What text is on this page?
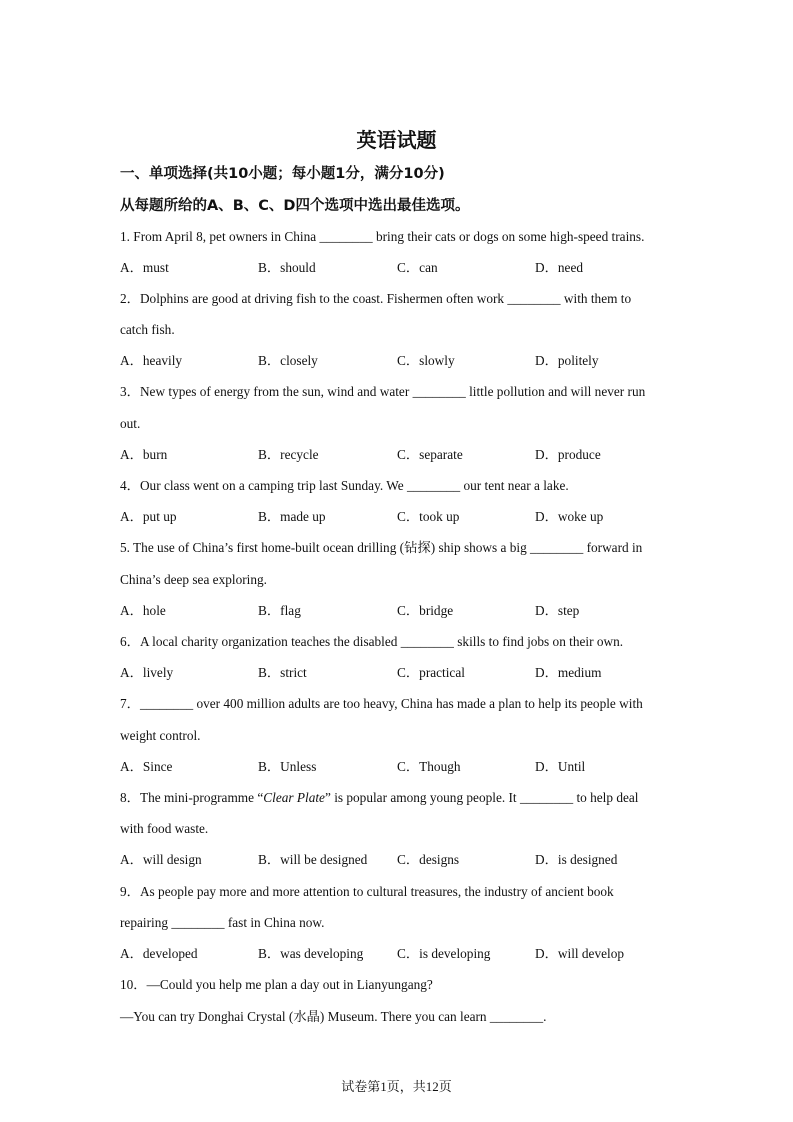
英语试题
一、单项选择(共10小题；每小题1分，满分10分)
从每题所给的A、B、C、D四个选项中选出最佳选项。
1. From April 8, pet owners in China ________ bring their cats or dogs on some high-speed trains.
A．must	B．should	C．can	D．need
2．Dolphins are good at driving fish to the coast. Fishermen often work ________ with them to
catch fish.
A．heavily	B．closely	C．slowly	D．politely
3．New types of energy from the sun, wind and water ________ little pollution and will never run
out.
A．burn	B．recycle	C．separate	D．produce
4．Our class went on a camping trip last Sunday. We ________ our tent near a lake.
A．put up	B．made up	C．took up	D．woke up
5. The use of China’s first home-built ocean drilling (钻探) ship shows a big ________ forward in
China’s deep sea exploring.
A．hole	B．flag	C．bridge	D．step
6．A local charity organization teaches the disabled ________ skills to find jobs on their own.
A．lively	B．strict	C．practical	D．medium
7．________ over 400 million adults are too heavy, China has made a plan to help its people with
weight control.
A．Since	B．Unless	C．Though	D．Until
8．The mini-programme “Clear Plate” is popular among young people. It ________ to help deal
with food waste.
A．will design	B．will be designed C．designs	D．is designed
9．As people pay more and more attention to cultural treasures, the industry of ancient book
repairing ________ fast in China now.
A．developed	B．was developing	C．is developing	D．will develop
10．—Could you help me plan a day out in Lianyungang?
—You can try Donghai Crystal (水晶) Museum. There you can learn ________.
试卷第1页，共12页
